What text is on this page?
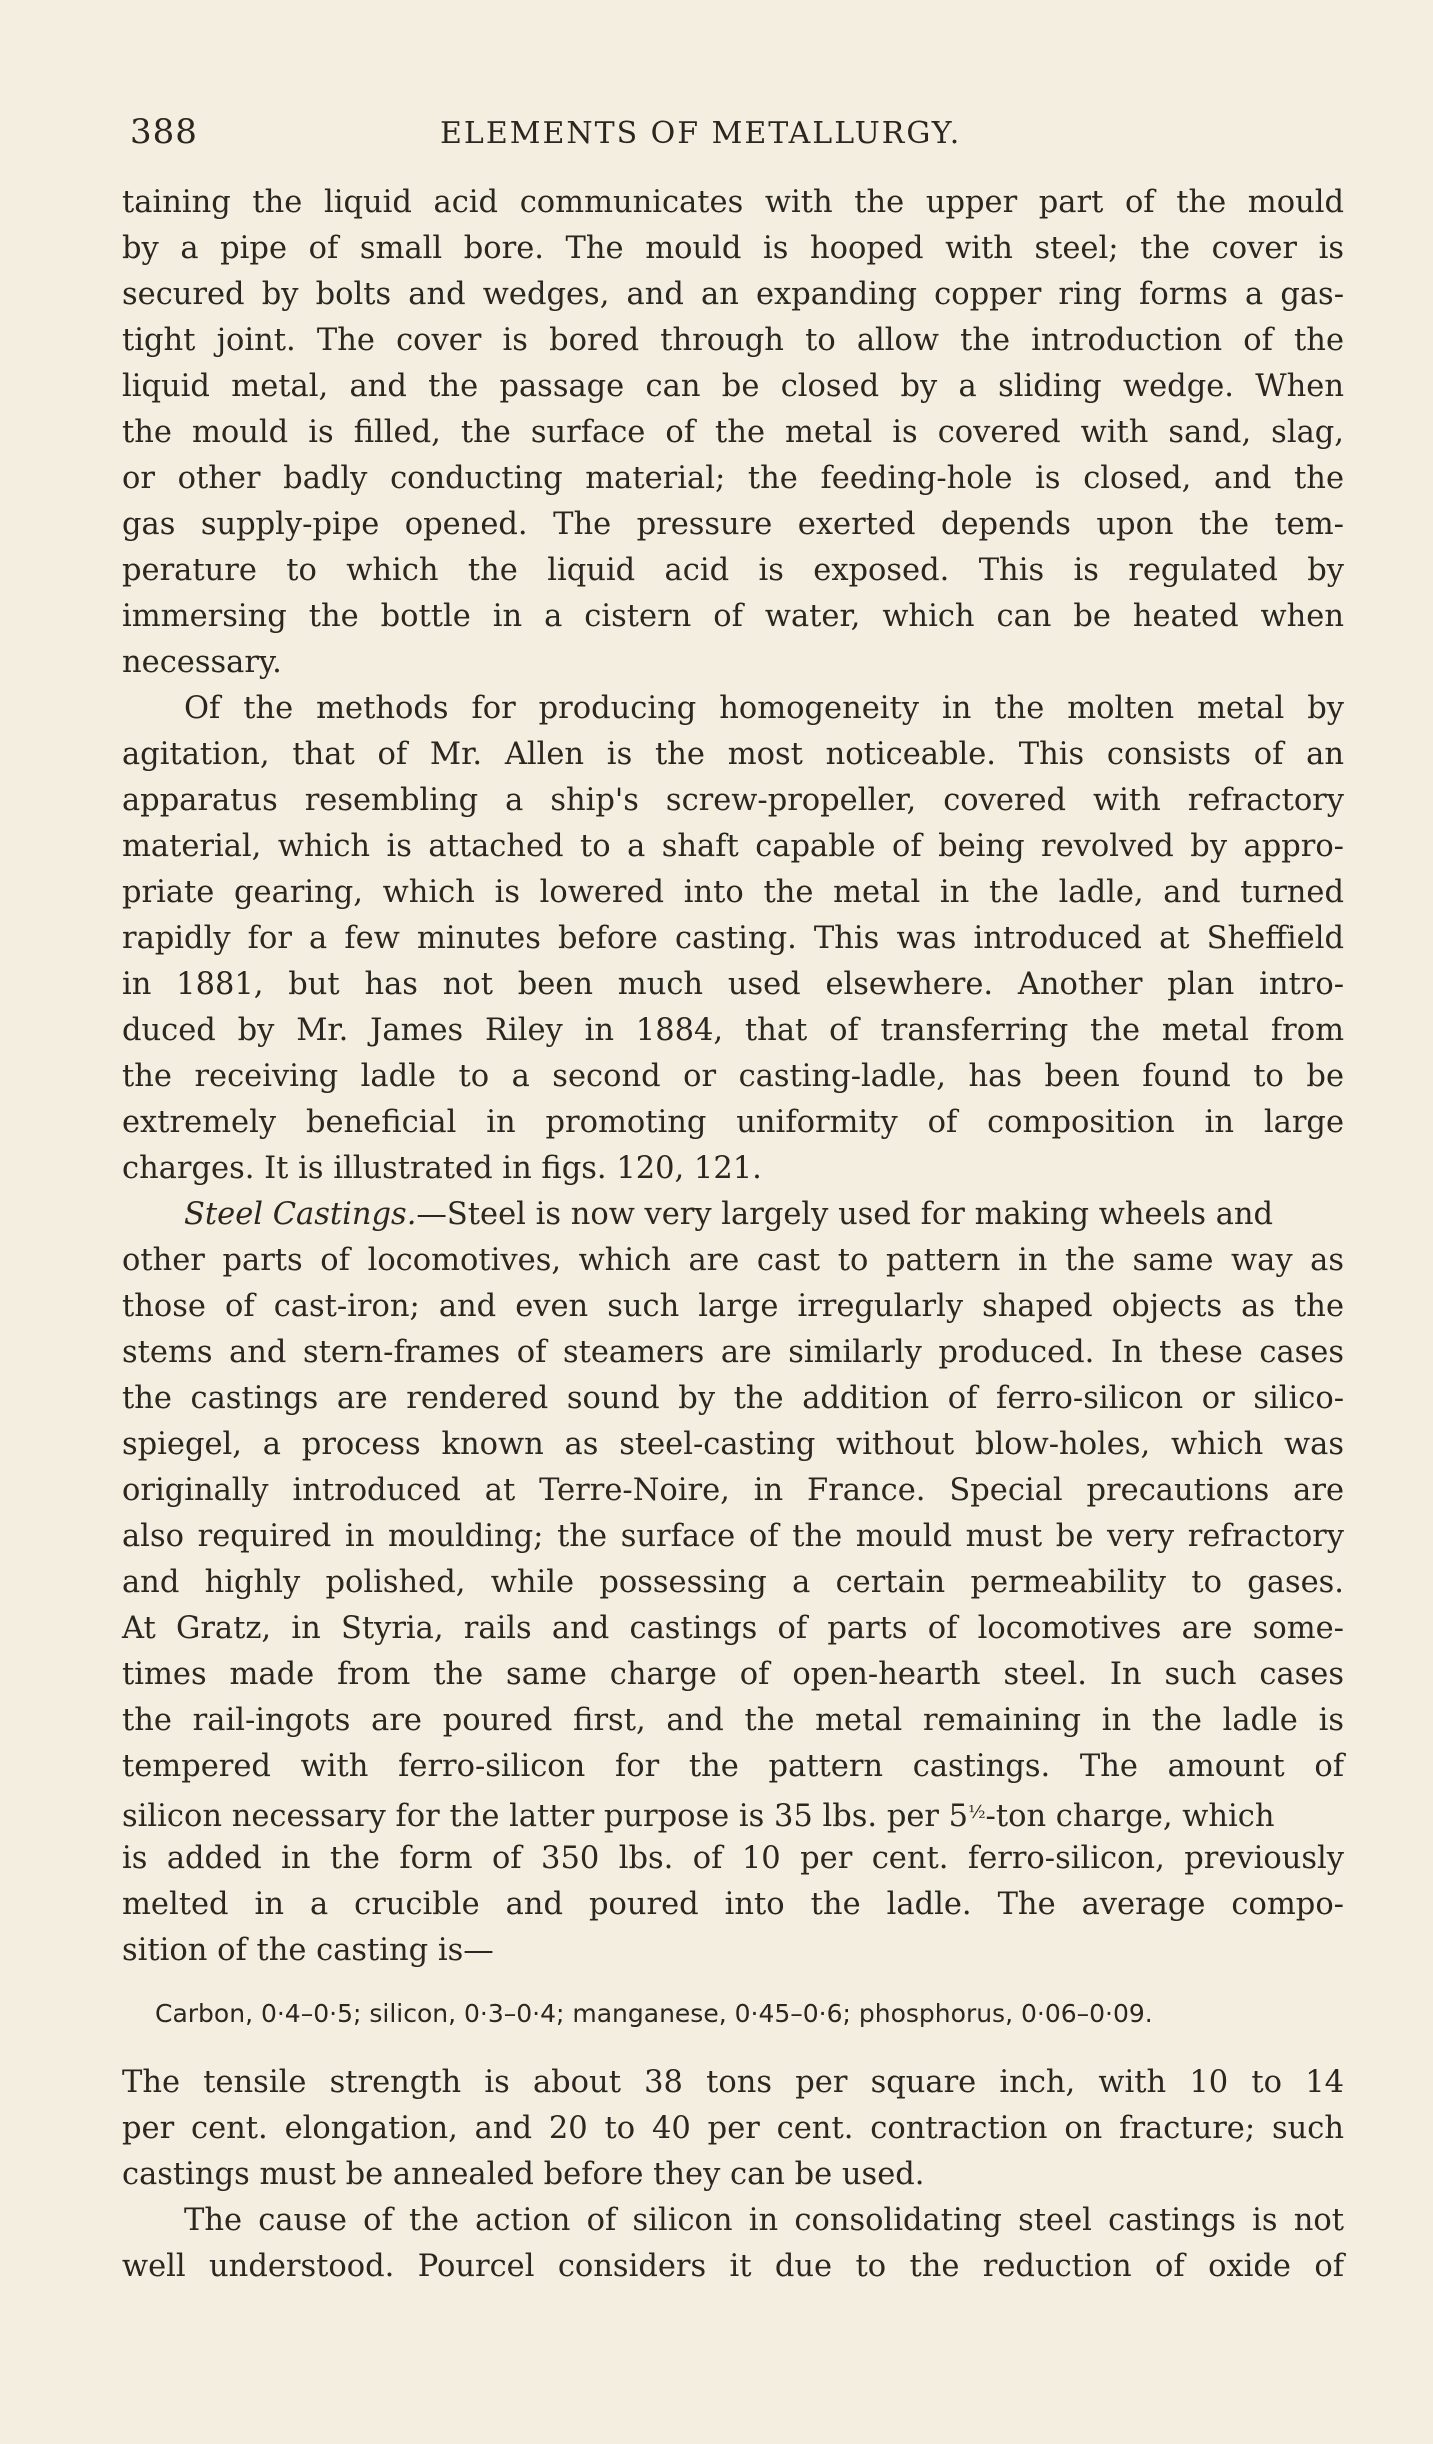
388	ELEMENTS OF METALLURGY.
taining the liquid acid communicates with the upper part of the mould
by a pipe of small bore. The mould is hooped with steel; the cover is
secured by bolts and wedges, and an expanding copper ring forms a gas-
tight joint. The cover is bored through to allow the introduction of the
liquid metal, and the passage can be closed by a sliding wedge. When
the mould is filled, the surface of the metal is covered with sand, slag,
or other badly conducting material; the feeding-hole is closed, and the
gas supply-pipe opened. The pressure exerted depends upon the tem-
perature to which the liquid acid is exposed. This is regulated by
immersing the bottle in a cistern of water, which can be heated when
necessary.
Of the methods for producing homogeneity in the molten metal by
agitation, that of Mr. Allen is the most noticeable. This consists of an
apparatus resembling a ship's screw-propeller, covered with refractory
material, which is attached to a shaft capable of being revolved by appro-
priate gearing, which is lowered into the metal in the ladle, and turned
rapidly for a few minutes before casting. This was introduced at Sheffield
in 1881, but has not been much used elsewhere. Another plan intro-
duced by Mr. James Riley in 1884, that of transferring the metal from
the receiving ladle to a second or casting-ladle, has been found to be
extremely beneficial in promoting uniformity of composition in large
charges. It is illustrated in figs. 120, 121.
Steel Castings.—Steel is now very largely used for making wheels and
other parts of locomotives, which are cast to pattern in the same way as
those of cast-iron; and even such large irregularly shaped objects as the
stems and stern-frames of steamers are similarly produced. In these cases
the castings are rendered sound by the addition of ferro-silicon or silico-
spiegel, a process known as steel-casting without blow-holes, which was
originally introduced at Terre-Noire, in France. Special precautions are
also required in moulding; the surface of the mould must be very refractory
and highly polished, while possessing a certain permeability to gases.
At Gratz, in Styria, rails and castings of parts of locomotives are some-
times made from the same charge of open-hearth steel. In such cases
the rail-ingots are poured first, and the metal remaining in the ladle is
tempered with ferro-silicon for the pattern castings. The amount of
silicon necessary for the latter purpose is 35 lbs. per 5½-ton charge, which
is added in the form of 350 lbs. of 10 per cent. ferro-silicon, previously
melted in a crucible and poured into the ladle. The average compo-
sition of the casting is—
The tensile strength is about 38 tons per square inch, with 10 to 14
per cent. elongation, and 20 to 40 per cent. contraction on fracture; such
castings must be annealed before they can be used.
The cause of the action of silicon in consolidating steel castings is not
well understood. Pourcel considers it due to the reduction of oxide of
Carbon, 0·4–0·5; silicon, 0·3–0·4; manganese, 0·45–0·6; phosphorus, 0·06–0·09.
